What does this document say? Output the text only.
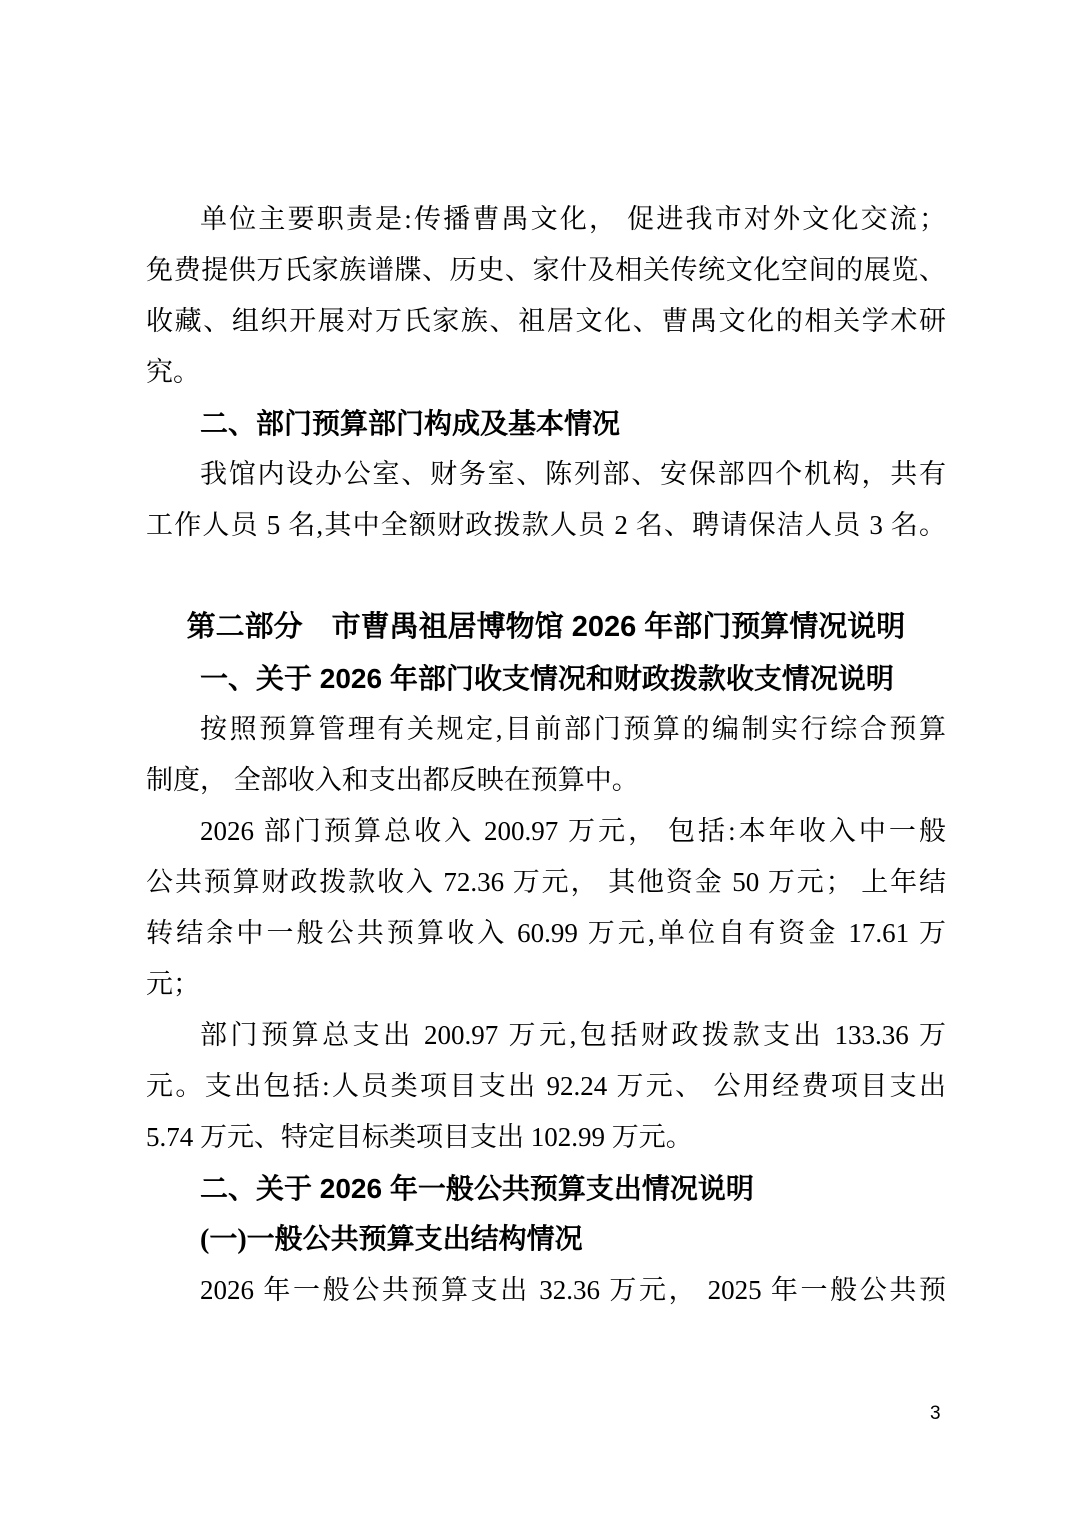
单位主要职责是:传播曹禺文化， 促进我市对外文化交流；
免费提供万氏家族谱牒、历史、家什及相关传统文化空间的展览、
收藏、组织开展对万氏家族、祖居文化、曹禺文化的相关学术研
究。
二、部门预算部门构成及基本情况
我馆内设办公室、财务室、陈列部、安保部四个机构，共有
工作人员 5 名,其中全额财政拨款人员 2 名、聘请保洁人员 3 名。
第二部分　市曹禺祖居博物馆 2026 年部门预算情况说明
一、关于 2026 年部门收支情况和财政拨款收支情况说明
按照预算管理有关规定,目前部门预算的编制实行综合预算
制度， 全部收入和支出都反映在预算中。
2026 部门预算总收入 200.97 万元， 包括:本年收入中一般
公共预算财政拨款收入 72.36 万元， 其他资金 50 万元； 上年结
转结余中一般公共预算收入 60.99 万元,单位自有资金 17.61 万
元；
部门预算总支出 200.97 万元,包括财政拨款支出 133.36 万
元。支出包括:人员类项目支出 92.24 万元、 公用经费项目支出
5.74 万元、特定目标类项目支出 102.99 万元。
二、关于 2026 年一般公共预算支出情况说明
(一)一般公共预算支出结构情况
2026 年一般公共预算支出 32.36 万元， 2025 年一般公共预
3
